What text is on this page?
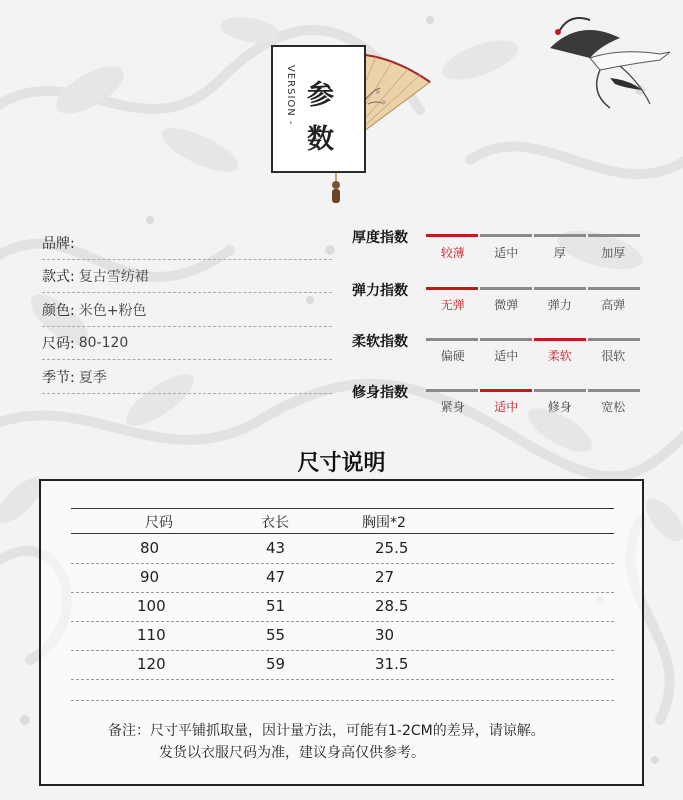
VERSION - 参
数
品牌:
款式: 复古雪纺裙
颜色: 米色+粉色
尺码: 80-120
季节: 夏季
厚度指数
较薄	适中	厚	加厚
弹力指数
无弹	微弹	弹力	高弹
柔软指数
偏硬	适中	柔软	很软
修身指数
紧身	适中	修身	宽松
尺寸说明
尺码	衣长	胸围*2
80	43	25.5
90	47	27
100	51	28.5
110	55	30
120	59	31.5
备注：尺寸平铺抓取量，因计量方法，可能有1-2CM的差异，请谅解。
发货以衣服尺码为准，建议身高仅供参考。
